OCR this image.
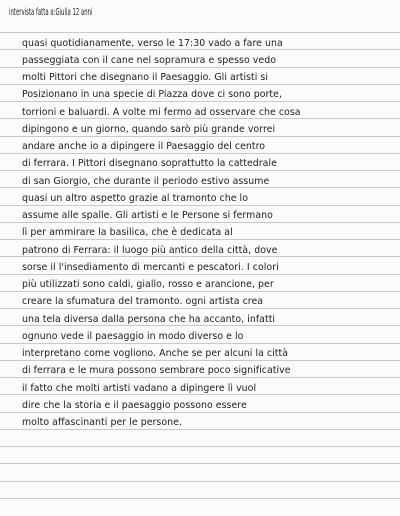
intervista fatta a:Giulia 12 anni
quasi quotidianamente, verso le 17:30 vado a fare una
passeggiata con il cane nel sopramura e spesso vedo
molti Pittori che disegnano il Paesaggio. Gli artisti si
Posizionano in una specie di Piazza dove ci sono porte,
torrioni e baluardi. A volte mi fermo ad osservare che cosa
dipingono e un giorno, quando sarò più grande vorrei
andare anche io a dipingere il Paesaggio del centro
di ferrara. I Pittori disegnano soprattutto la cattedrale
di san Giorgio, che durante il periodo estivo assume
quasi un altro aspetto grazie al tramonto che lo
assume alle spalle. Gli artisti e le Persone si fermano
lì per ammirare la basilica, che è dedicata al
patrono di Ferrara: il luogo più antico della città, dove
sorse il l'insediamento di mercanti e pescatori. I colori
più utilizzati sono caldi, giallo, rosso e arancione, per
creare la sfumatura del tramonto. ogni artista crea
una tela diversa dalla persona che ha accanto, infatti
ognuno vede il paesaggio in modo diverso e lo
interpretano come vogliono. Anche se per alcuni la città
di ferrara e le mura possono sembrare poco significative
il fatto che molti artisti vadano a dipingere lì vuol
dire che la storia e il paesaggio possono essere
molto affascinanti per le persone.
